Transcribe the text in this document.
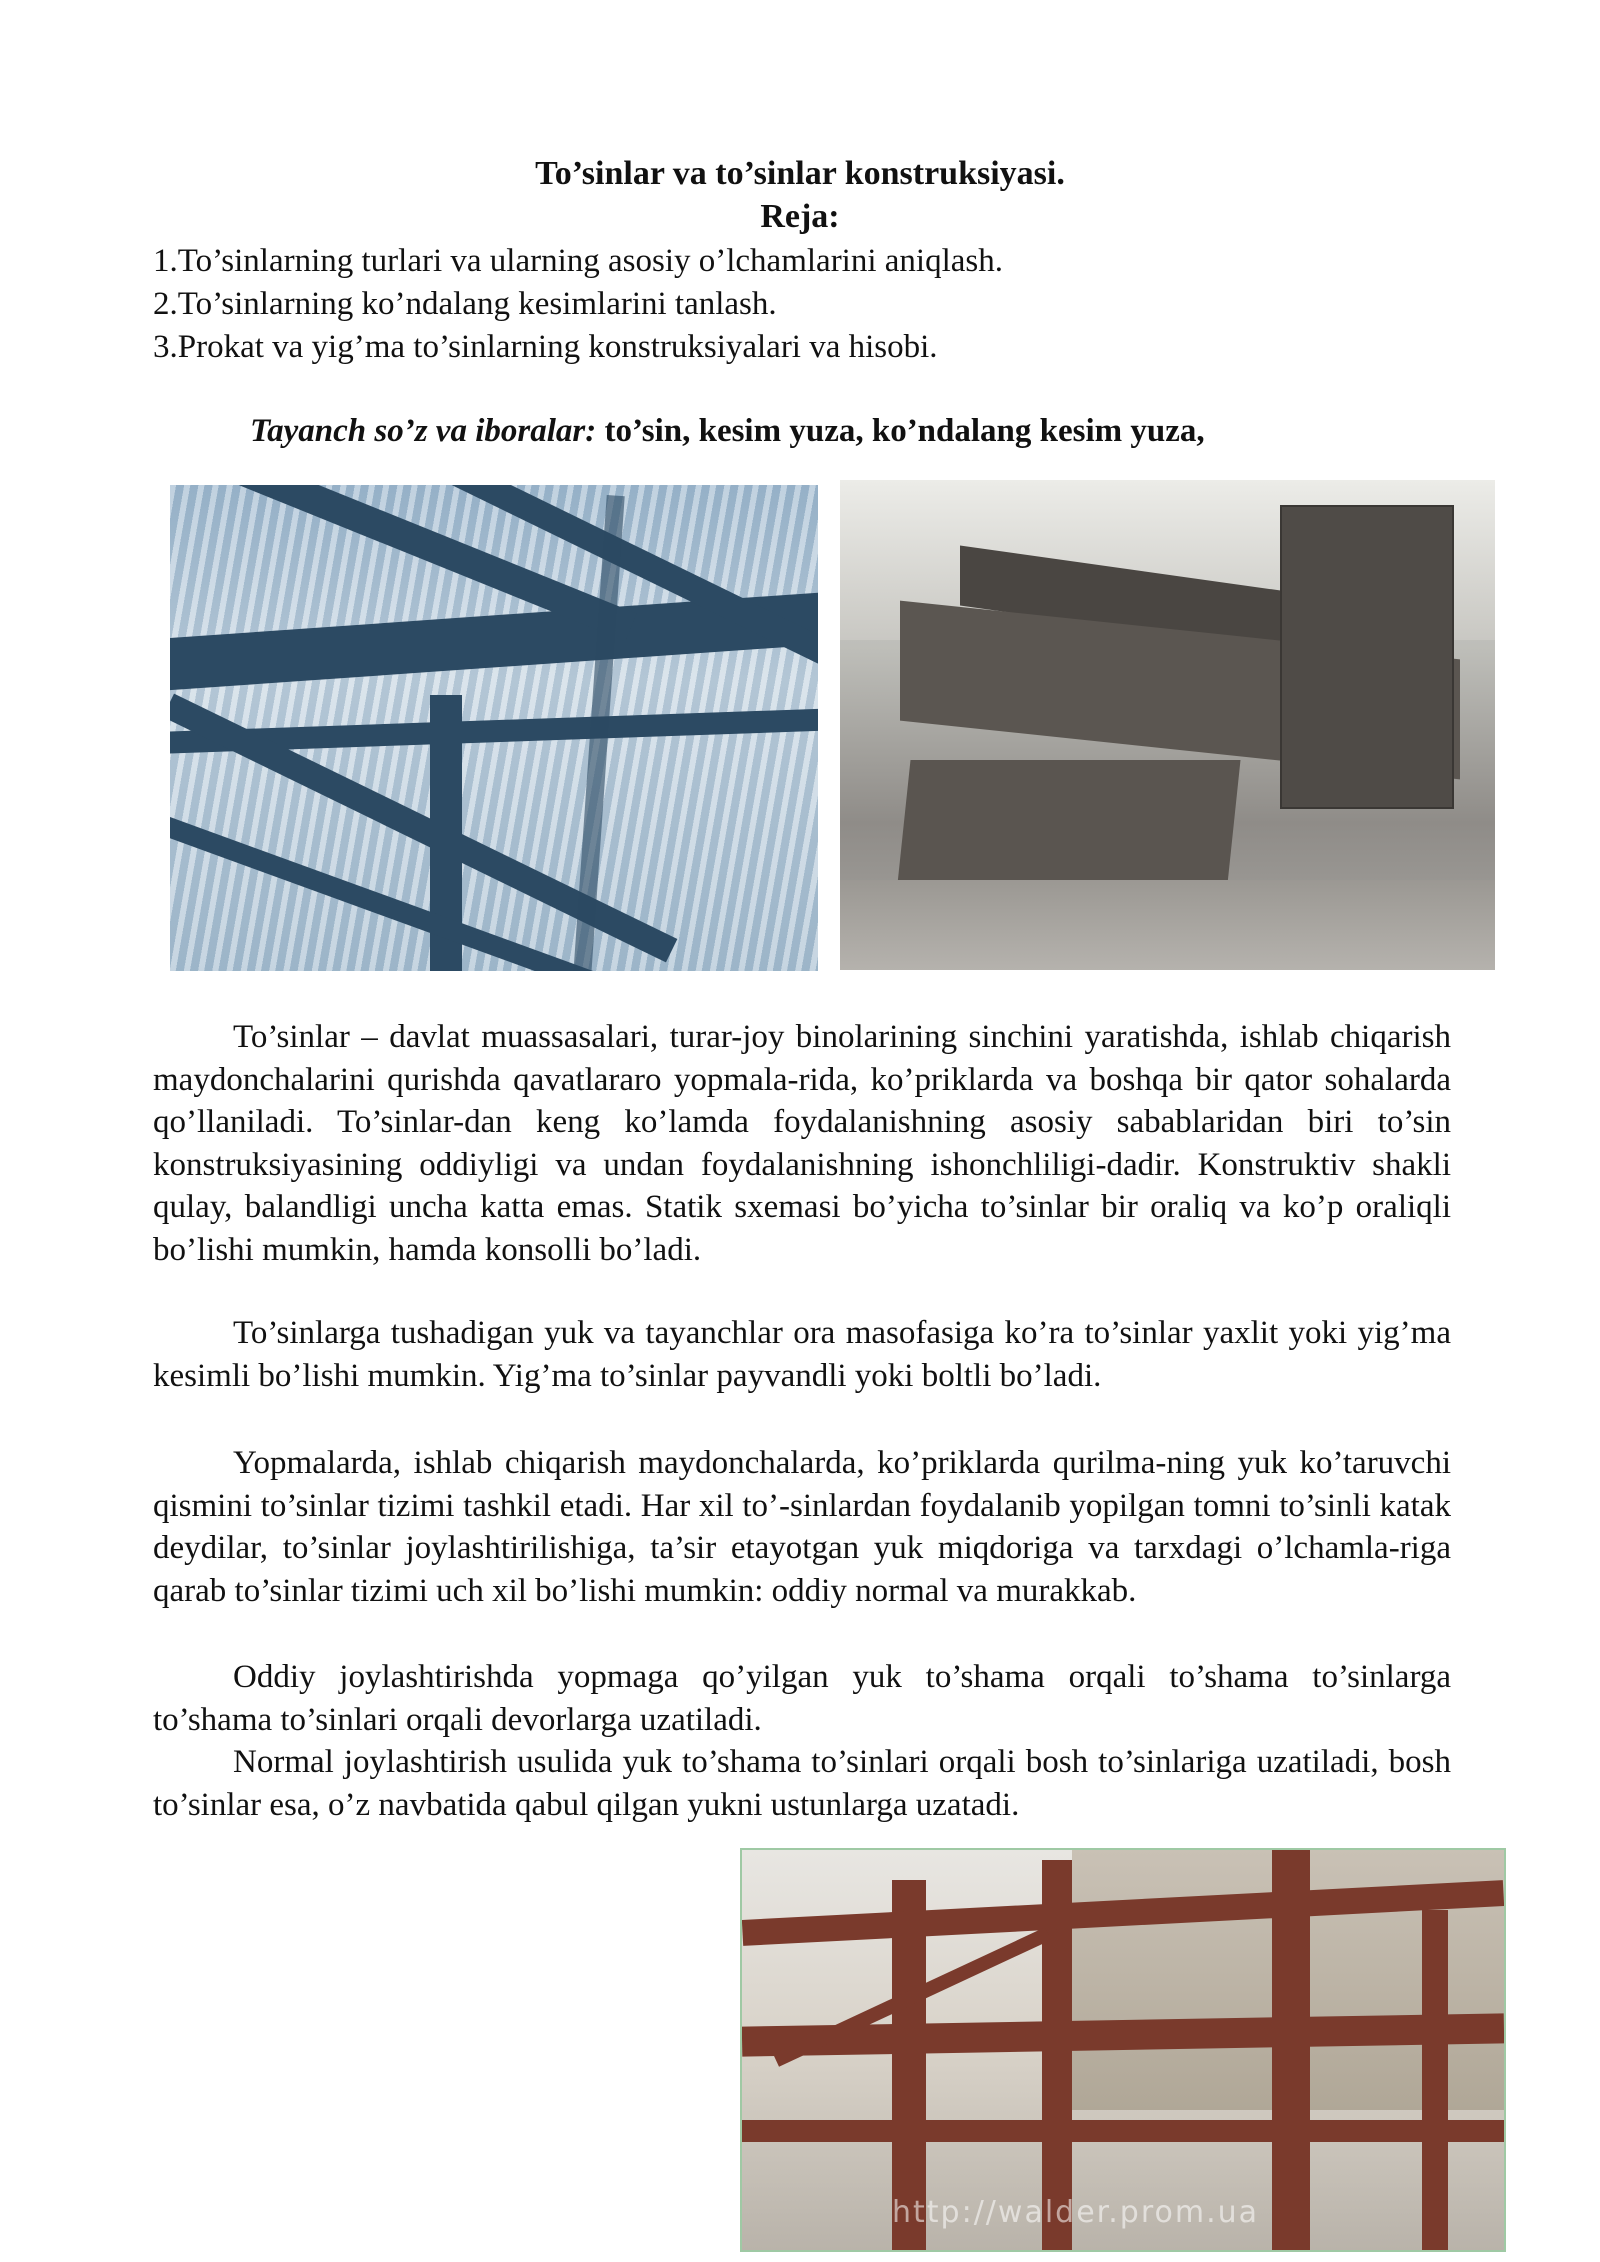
To’sinlar va to’sinlar konstruksiyasi.
Reja:
1.To’sinlarning turlari va ularning asosiy o’lchamlarini aniqlash.
2.To’sinlarning ko’ndalang kesimlarini tanlash.
3.Prokat va yig’ma to’sinlarning konstruksiyalari va hisobi.
Tayanch so’z va iboralar: to’sin, kesim yuza, ko’ndalang kesim yuza,

To’sinlar – davlat muassasalari, turar-joy binolarining sinchini yaratishda, ishlab chiqarish maydonchalarini qurishda qavatlararo yopmala-rida, ko’priklarda va boshqa bir qator sohalarda qo’llaniladi. To’sinlar-dan keng ko’lamda foydalanishning asosiy sabablaridan biri to’sin konstruksiyasining oddiyligi va undan foydalanishning ishonchliligi-dadir. Konstruktiv shakli qulay, balandligi uncha katta emas. Statik sxemasi bo’yicha to’sinlar bir oraliq va ko’p oraliqli bo’lishi mumkin, hamda konsolli bo’ladi.

To’sinlarga tushadigan yuk va tayanchlar ora masofasiga ko’ra to’sinlar yaxlit yoki yig’ma kesimli bo’lishi mumkin. Yig’ma to’sinlar payvandli yoki boltli bo’ladi.

Yopmalarda, ishlab chiqarish maydonchalarda, ko’priklarda qurilma-ning yuk ko’taruvchi qismini to’sinlar tizimi tashkil etadi. Har xil to’-sinlardan foydalanib yopilgan tomni to’sinli katak deydilar, to’sinlar joylashtirilishiga, ta’sir etayotgan yuk miqdoriga va tarxdagi o’lchamla-riga qarab to’sinlar tizimi uch xil bo’lishi mumkin: oddiy normal va murakkab.

Oddiy joylashtirishda yopmaga qo’yilgan yuk to’shama orqali to’shama to’sinlarga to’shama to’sinlari orqali devorlarga uzatiladi.

Normal joylashtirish usulida yuk to’shama to’sinlari orqali bosh to’sinlariga uzatiladi, bosh to’sinlar esa, o’z navbatida qabul qilgan yukni ustunlarga uzatadi.

http://walder.prom.ua
